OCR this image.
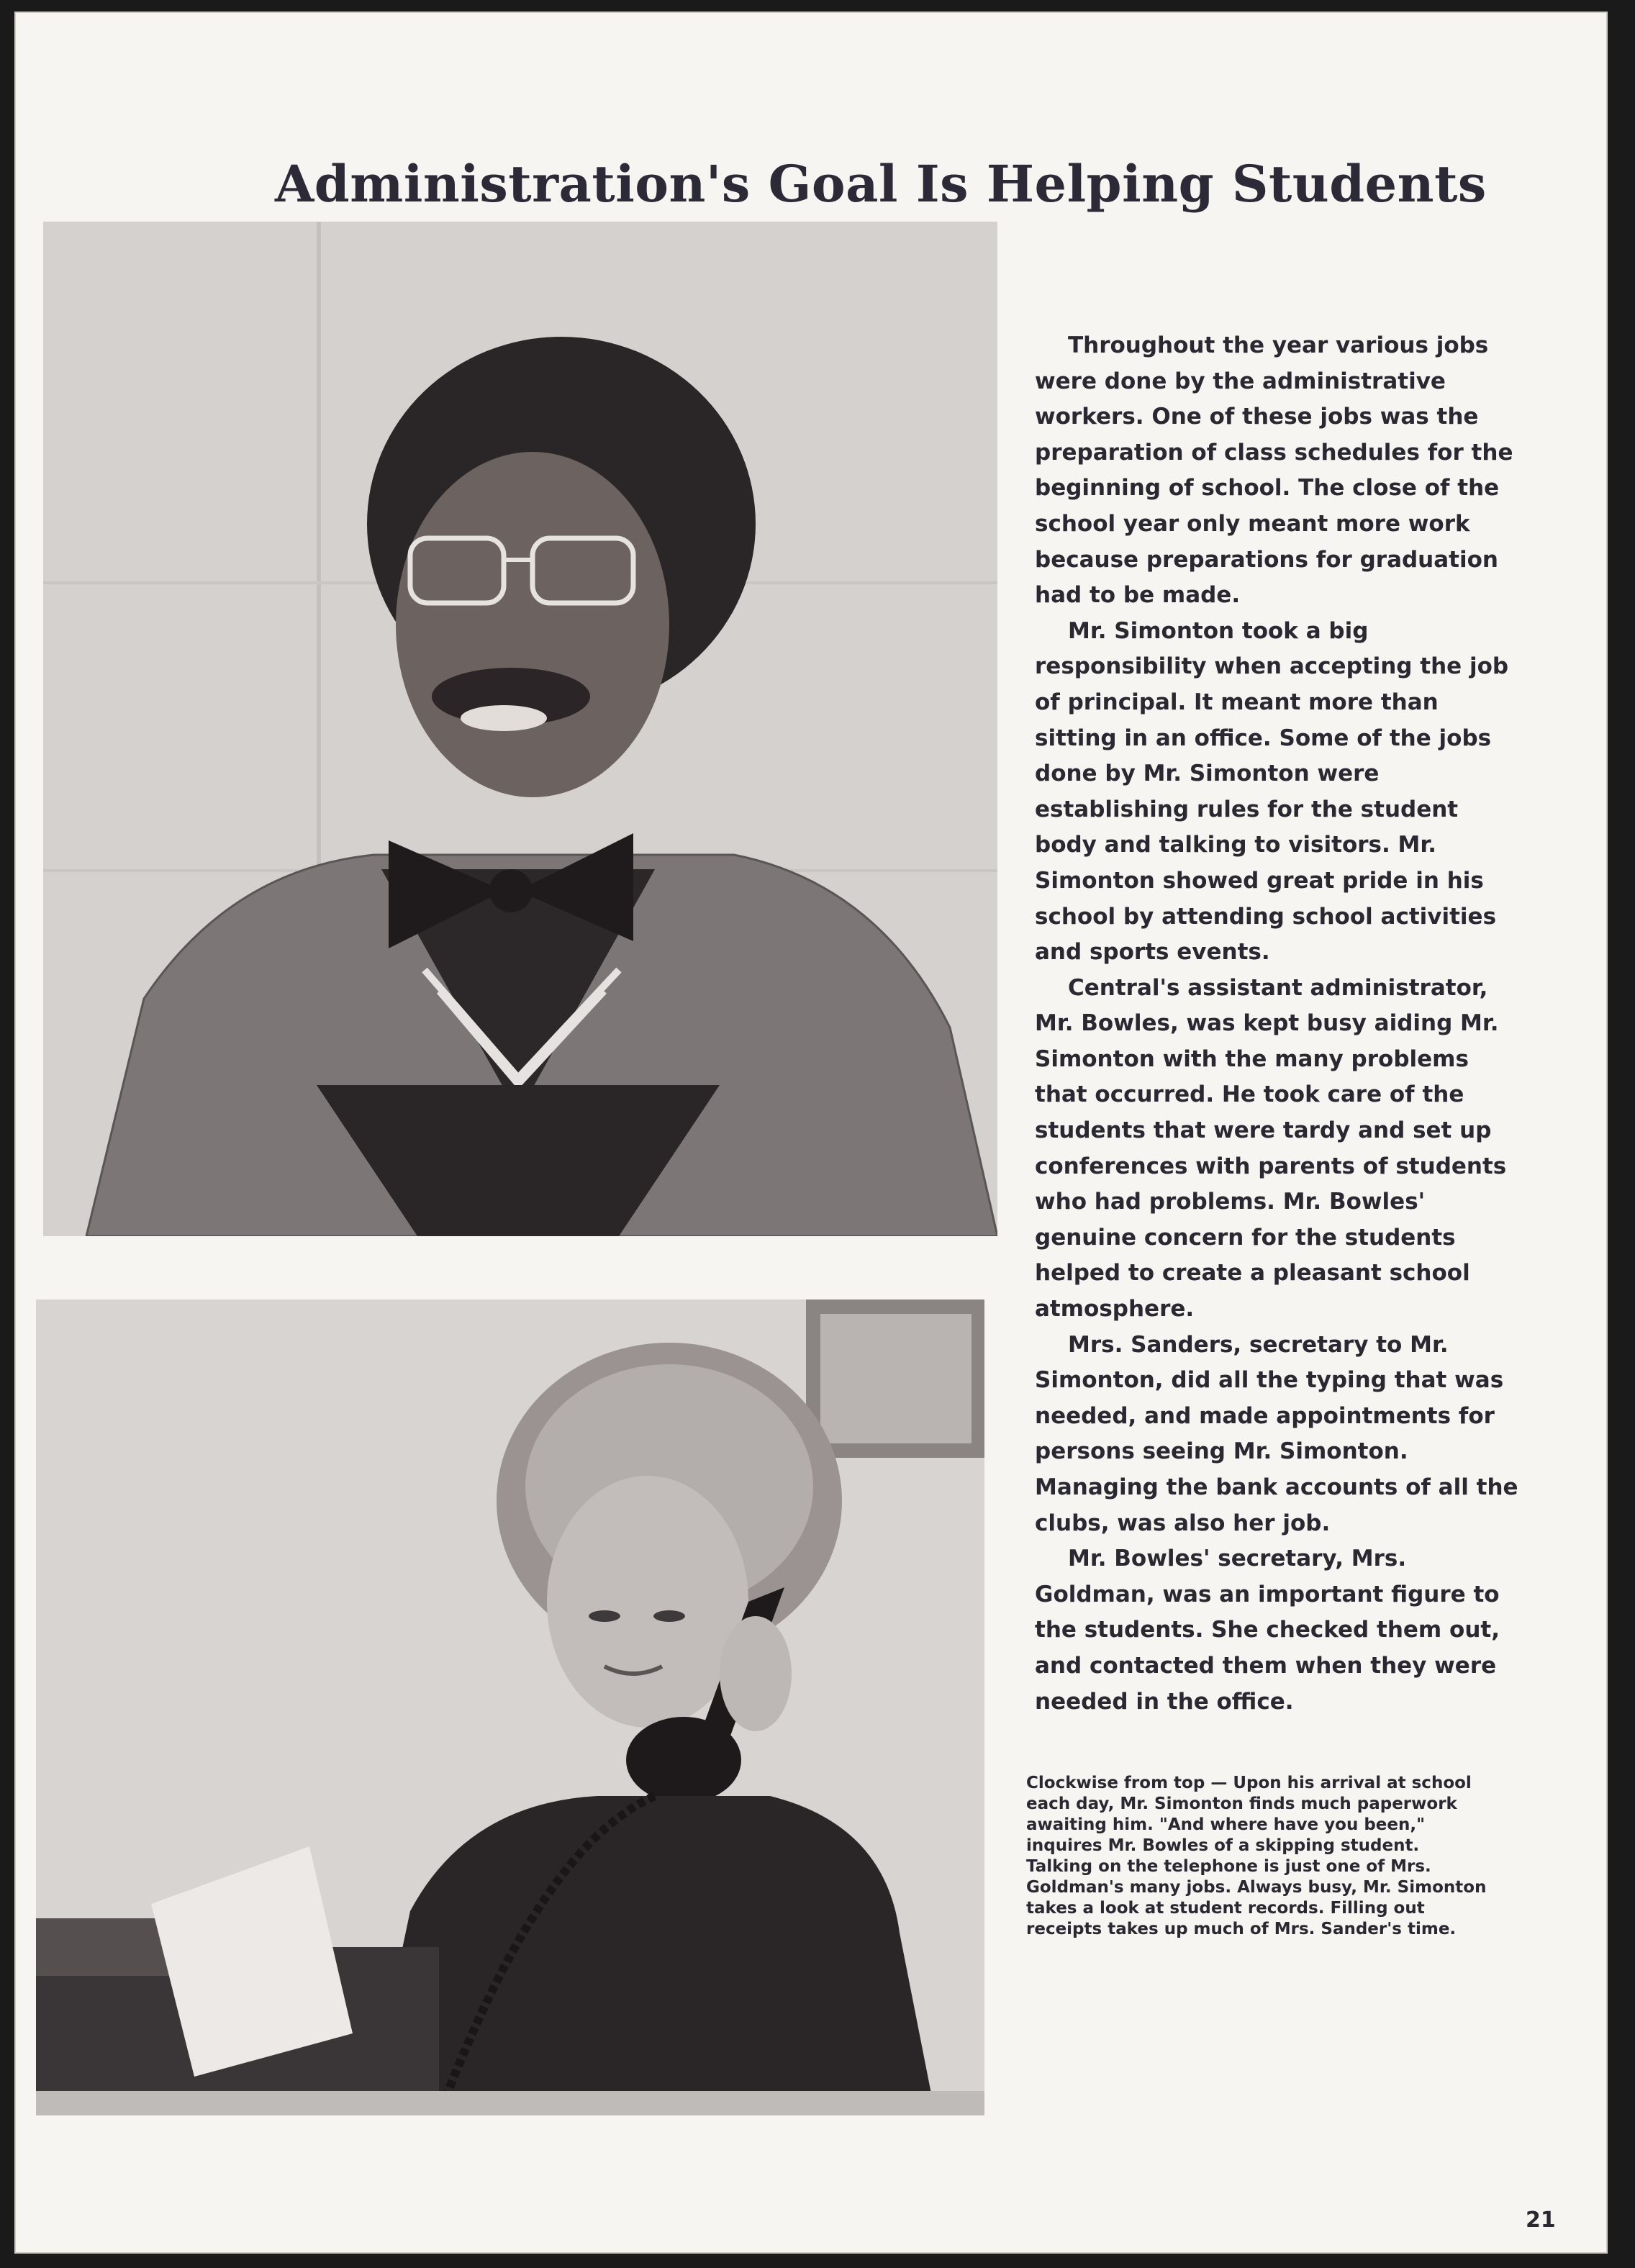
Administration's Goal Is Helping Students

Throughout the year various jobs were done by the administrative workers. One of these jobs was the preparation of class schedules for the beginning of school. The close of the school year only meant more work because preparations for graduation had to be made.

Mr. Simonton took a big responsibility when accepting the job of principal. It meant more than sitting in an office. Some of the jobs done by Mr. Simonton were establishing rules for the student body and talking to visitors. Mr. Simonton showed great pride in his school by attending school activities and sports events.

Central's assistant administrator, Mr. Bowles, was kept busy aiding Mr. Simonton with the many problems that occurred. He took care of the students that were tardy and set up conferences with parents of students who had problems. Mr. Bowles' genuine concern for the students helped to create a pleasant school atmosphere.

Mrs. Sanders, secretary to Mr. Simonton, did all the typing that was needed, and made appointments for persons seeing Mr. Simonton. Managing the bank accounts of all the clubs, was also her job.

Mr. Bowles' secretary, Mrs. Goldman, was an important figure to the students. She checked them out, and contacted them when they were needed in the office.

Clockwise from top — Upon his arrival at school each day, Mr. Simonton finds much paperwork awaiting him. "And where have you been," inquires Mr. Bowles of a skipping student. Talking on the telephone is just one of Mrs. Goldman's many jobs. Always busy, Mr. Simonton takes a look at student records. Filling out receipts takes up much of Mrs. Sander's time.
21
